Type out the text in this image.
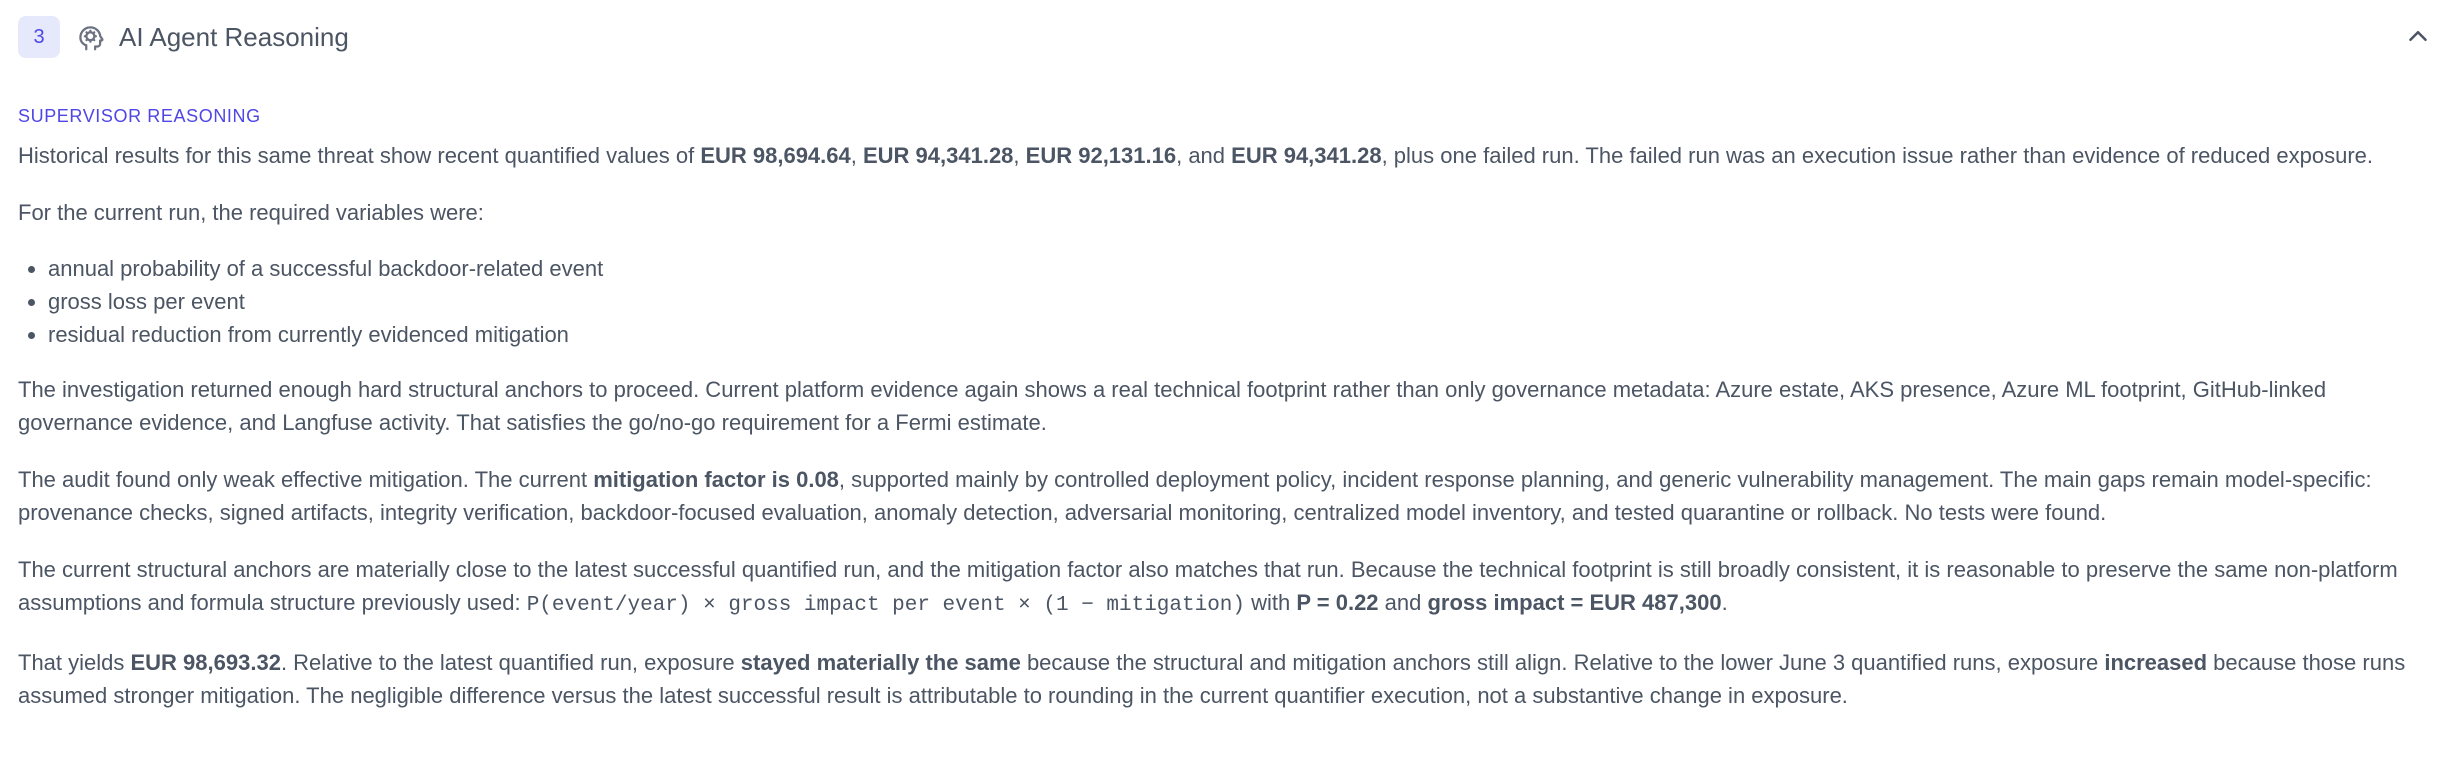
3	AI Agent Reasoning
SUPERVISOR REASONING

Historical results for this same threat show recent quantified values of EUR 98,694.64, EUR 94,341.28, EUR 92,131.16, and EUR 94,341.28, plus one failed run. The failed run was an execution issue rather than evidence of reduced exposure.

For the current run, the required variables were:

• annual probability of a successful backdoor-related event
• gross loss per event
• residual reduction from currently evidenced mitigation

The investigation returned enough hard structural anchors to proceed. Current platform evidence again shows a real technical footprint rather than only governance metadata: Azure estate, AKS presence, Azure ML footprint, GitHub-linked governance evidence, and Langfuse activity. That satisfies the go/no-go requirement for a Fermi estimate.

The audit found only weak effective mitigation. The current mitigation factor is 0.08, supported mainly by controlled deployment policy, incident response planning, and generic vulnerability management. The main gaps remain model-specific: provenance checks, signed artifacts, integrity verification, backdoor-focused evaluation, anomaly detection, adversarial monitoring, centralized model inventory, and tested quarantine or rollback. No tests were found.

The current structural anchors are materially close to the latest successful quantified run, and the mitigation factor also matches that run. Because the technical footprint is still broadly consistent, it is reasonable to preserve the same non-platform assumptions and formula structure previously used: P(event/year) × gross impact per event × (1 − mitigation) with P = 0.22 and gross impact = EUR 487,300.

That yields EUR 98,693.32. Relative to the latest quantified run, exposure stayed materially the same because the structural and mitigation anchors still align. Relative to the lower June 3 quantified runs, exposure increased because those runs assumed stronger mitigation. The negligible difference versus the latest successful result is attributable to rounding in the current quantifier execution, not a substantive change in exposure.
